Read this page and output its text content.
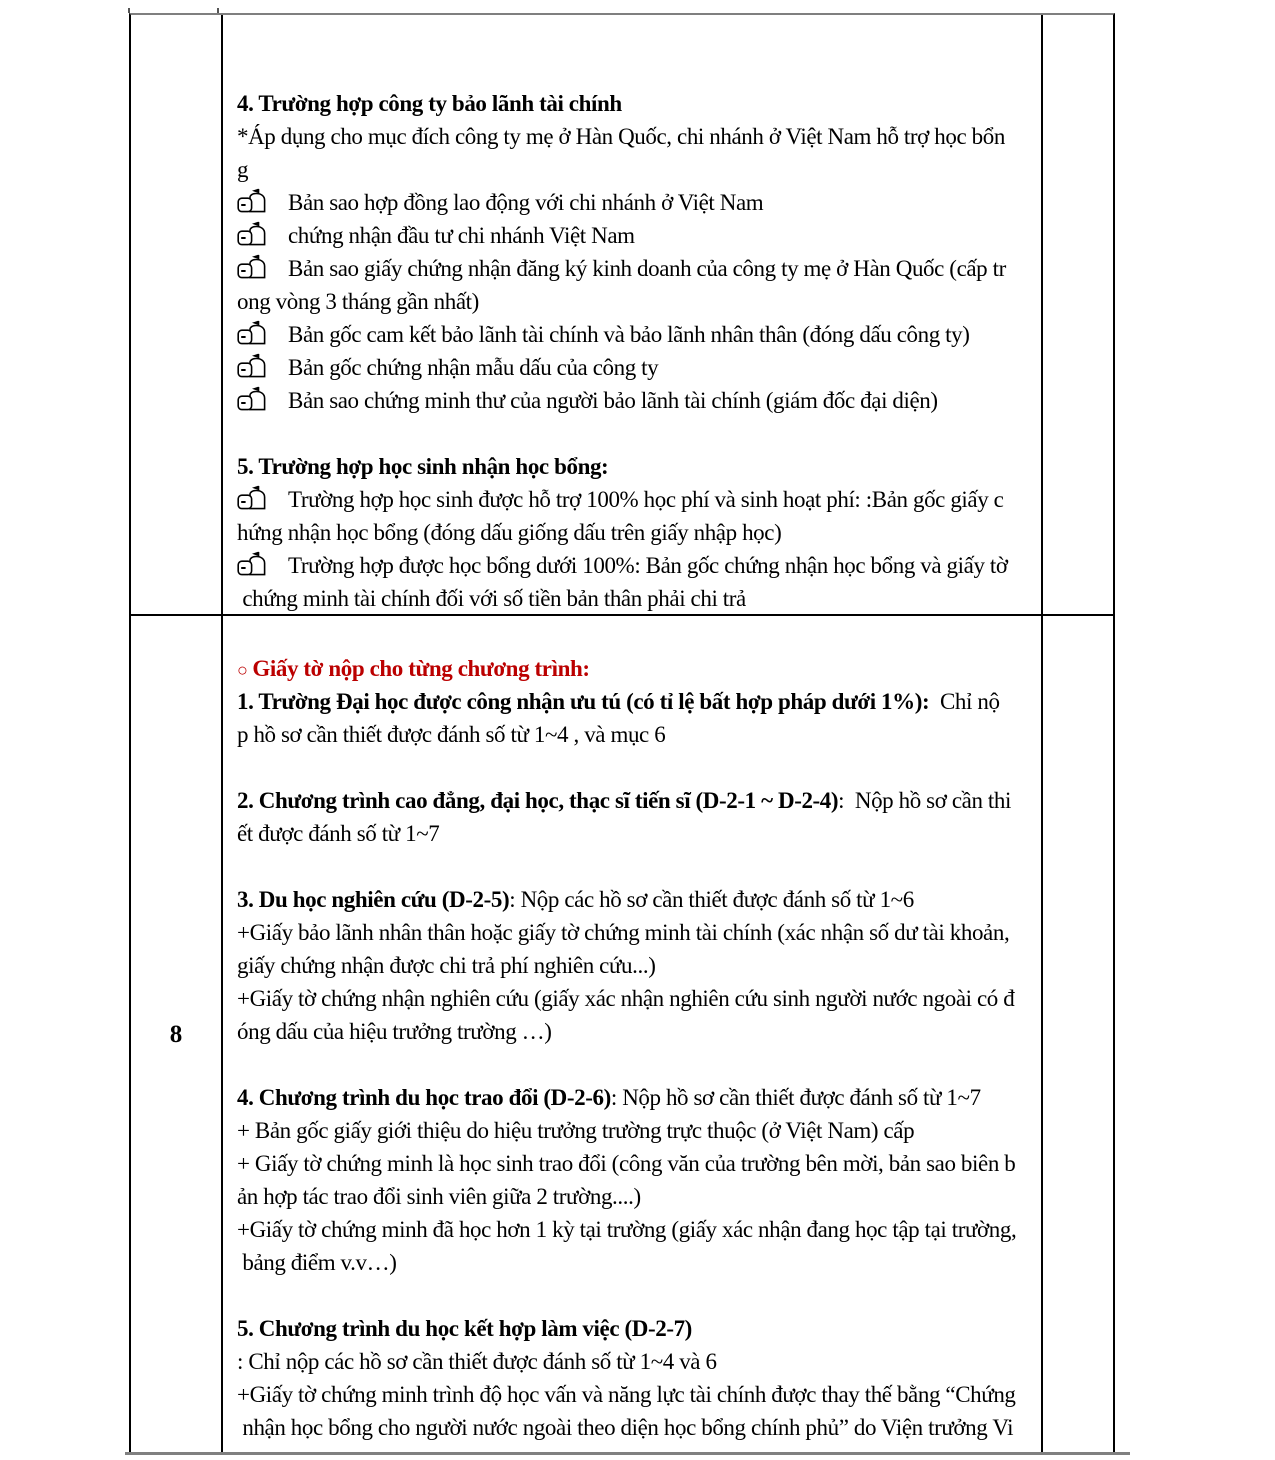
4. Trường hợp công ty bảo lãnh tài chính
*Áp dụng cho mục đích công ty mẹ ở Hàn Quốc, chi nhánh ở Việt Nam hỗ trợ học bổn
g
Bản sao hợp đồng lao động với chi nhánh ở Việt Nam
chứng nhận đầu tư chi nhánh Việt Nam
Bản sao giấy chứng nhận đăng ký kinh doanh của công ty mẹ ở Hàn Quốc (cấp tr
ong vòng 3 tháng gần nhất)
Bản gốc cam kết bảo lãnh tài chính và bảo lãnh nhân thân (đóng dấu công ty)
Bản gốc chứng nhận mẫu dấu của công ty
Bản sao chứng minh thư của người bảo lãnh tài chính (giám đốc đại diện)
5. Trường hợp học sinh nhận học bổng:
Trường hợp học sinh được hỗ trợ 100% học phí và sinh hoạt phí: :Bản gốc giấy c
hứng nhận học bổng (đóng dấu giống dấu trên giấy nhập học)
Trường hợp được học bổng dưới 100%: Bản gốc chứng nhận học bổng và giấy tờ
chứng minh tài chính đối với số tiền bản thân phải chi trả
8
○ Giấy tờ nộp cho từng chương trình:
1. Trường Đại học được công nhận ưu tú (có tỉ lệ bất hợp pháp dưới 1%):  Chỉ nộ
p hồ sơ cần thiết được đánh số từ 1~4 , và mục 6
2. Chương trình cao đẳng, đại học, thạc sĩ tiến sĩ (D-2-1 ~ D-2-4):  Nộp hồ sơ cần thi
ết được đánh số từ 1~7
3. Du học nghiên cứu (D-2-5): Nộp các hồ sơ cần thiết được đánh số từ 1~6
+Giấy bảo lãnh nhân thân hoặc giấy tờ chứng minh tài chính (xác nhận số dư tài khoản,
giấy chứng nhận được chi trả phí nghiên cứu...)
+Giấy tờ chứng nhận nghiên cứu (giấy xác nhận nghiên cứu sinh người nước ngoài có đ
óng dấu của hiệu trưởng trường …)
4. Chương trình du học trao đổi (D-2-6): Nộp hồ sơ cần thiết được đánh số từ 1~7
+ Bản gốc giấy giới thiệu do hiệu trưởng trường trực thuộc (ở Việt Nam) cấp
+ Giấy tờ chứng minh là học sinh trao đổi (công văn của trường bên mời, bản sao biên b
ản hợp tác trao đổi sinh viên giữa 2 trường....)
+Giấy tờ chứng minh đã học hơn 1 kỳ tại trường (giấy xác nhận đang học tập tại trường,
bảng điểm v.v…)
5. Chương trình du học kết hợp làm việc (D-2-7)
: Chỉ nộp các hồ sơ cần thiết được đánh số từ 1~4 và 6
+Giấy tờ chứng minh trình độ học vấn và năng lực tài chính được thay thế bằng “Chứng
nhận học bổng cho người nước ngoài theo diện học bổng chính phủ” do Viện trưởng Vi
